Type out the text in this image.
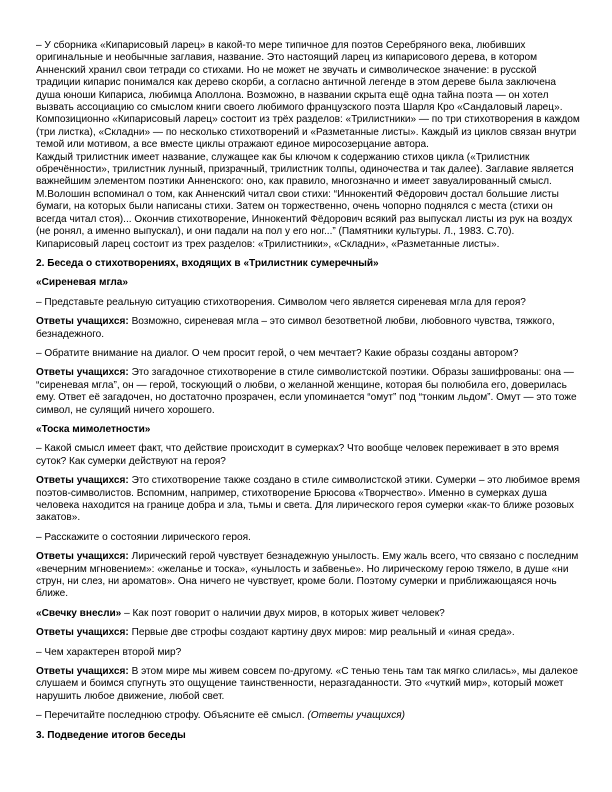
– У сборника «Кипарисовый ларец» в какой-то мере типичное для поэтов Серебряного века, любивших оригинальные и необычные заглавия, название. Это настоящий ларец из кипарисового дерева, в котором Анненский хранил свои тетради со стихами. Но не может не звучать и символическое значение: в русской традиции кипарис понимался как дерево скорби, а согласно античной легенде в этом дереве была заключена душа юноши Кипариса, любимца Аполлона. Возможно, в названии скрыта ещё одна тайна поэта — он хотел вызвать ассоциацию со смыслом книги своего любимого французского поэта Шарля Кро «Сандаловый ларец». Композиционно «Кипарисовый ларец» состоит из трёх разделов: «Трилистники» — по три стихотворения в каждом (три листка), «Складни» — по несколько стихотворений и «Разметанные листы». Каждый из циклов связан внутри темой или мотивом, а все вместе циклы отражают единое миросозерцание автора.

Каждый трилистник имеет название, служащее как бы ключом к содержанию стихов цикла («Трилистник обречённости», трилистник лунный, призрачный, трилистник толпы, одиночества и так далее). Заглавие является важнейшим элементом поэтики Анненского: оно, как правило, многозначно и имеет завуалированный смысл.

М.Волошин вспоминал о том, как Анненский читал свои стихи: “Иннокентий Фёдорович достал большие листы бумаги, на которых были написаны стихи. Затем он торжественно, очень чопорно поднялся с места (стихи он всегда читал стоя)... Окончив стихотворение, Иннокентий Фёдорович всякий раз выпускал листы из рук на воздух (не ронял, а именно выпускал), и они падали на пол у его ног...” (Памятники культуры. Л., 1983. С.70).

Кипарисовый ларец состоит из трех разделов: «Трилистники», «Складни», «Разметанные листы».

2. Беседа о стихотворениях, входящих в «Трилистник сумеречный»

«Сиреневая мгла»

– Представьте реальную ситуацию стихотворения. Символом чего является сиреневая мгла для героя?

Ответы учащихся: Возможно, сиреневая мгла – это символ безответной любви, любовного чувства, тяжкого, безнадежного.

– Обратите внимание на диалог. О чем просит герой, о чем мечтает? Какие образы созданы автором?

Ответы учащихся: Это загадочное стихотворение в стиле символистской поэтики. Образы зашифрованы: она — “сиреневая мгла”, он — герой, тоскующий о любви, о желанной женщине, которая бы полюбила его, доверилась ему. Ответ её загадочен, но достаточно прозрачен, если упоминается “омут” под “тонким льдом”. Омут — это тоже символ, не сулящий ничего хорошего.

«Тоска мимолетности»

– Какой смысл имеет факт, что действие происходит в сумерках? Что вообще человек переживает в это время суток? Как сумерки действуют на героя?

Ответы учащихся: Это стихотворение также создано в стиле символистской этики. Сумерки – это любимое время поэтов-символистов. Вспомним, например, стихотворение Брюсова «Творчество». Именно в сумерках душа человека находится на границе добра и зла, тьмы и света. Для лирического героя сумерки «как-то ближе розовых закатов».

– Расскажите о состоянии лирического героя.

Ответы учащихся: Лирический герой чувствует безнадежную унылость. Ему жаль всего, что связано с последним «вечерним мгновением»: «желанье и тоска», «унылость и забвенье». Но лирическому герою тяжело, в душе «ни струн, ни слез, ни ароматов». Она ничего не чувствует, кроме боли. Поэтому сумерки и приближающаяся ночь ближе.

«Свечку внесли» – Как поэт говорит о наличии двух миров, в которых живет человек?

Ответы учащихся: Первые две строфы создают картину двух миров: мир реальный и «иная среда».

– Чем характерен второй мир?

Ответы учащихся: В этом мире мы живем совсем по-другому. «С тенью тень там так мягко слилась», мы далекое слушаем и боимся спугнуть это ощущение таинственности, неразгаданности. Это «чуткий мир», который может нарушить любое движение, любой свет.

– Перечитайте последнюю строфу. Объясните её смысл. (Ответы учащихся)

3. Подведение итогов беседы
